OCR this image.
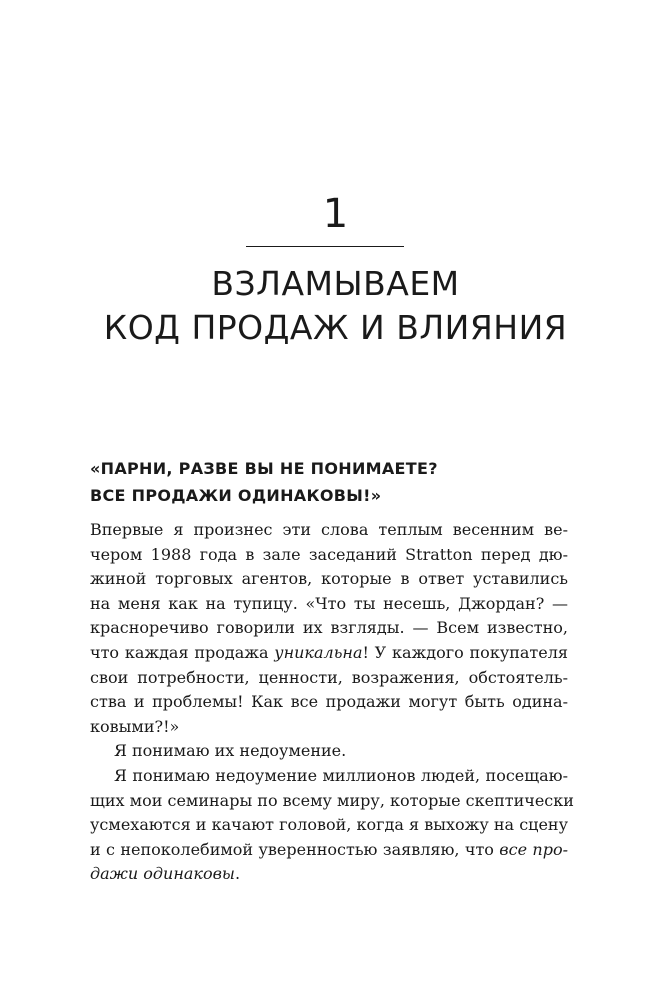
1
ВЗЛАМЫВАЕМ
КОД ПРОДАЖ И ВЛИЯНИЯ
«ПАРНИ, РАЗВЕ ВЫ НЕ ПОНИМАЕТЕ?
ВСЕ ПРОДАЖИ ОДИНАКОВЫ!»
Впервые я произнес эти слова теплым весенним ве-
чером 1988 года в зале заседаний Stratton перед дю-
жиной торговых агентов, которые в ответ уставились
на меня как на тупицу. «Что ты несешь, Джордан? —
красноречиво говорили их взгляды. — Всем известно,
что каждая продажа уникальна! У каждого покупателя
свои потребности, ценности, возражения, обстоятель-
ства и проблемы! Как все продажи могут быть одина-
ковыми?!»
Я понимаю их недоумение.
Я понимаю недоумение миллионов людей, посещаю-
щих мои семинары по всему миру, которые скептически
усмехаются и качают головой, когда я выхожу на сцену
и с непоколебимой уверенностью заявляю, что все про-
дажи одинаковы.
